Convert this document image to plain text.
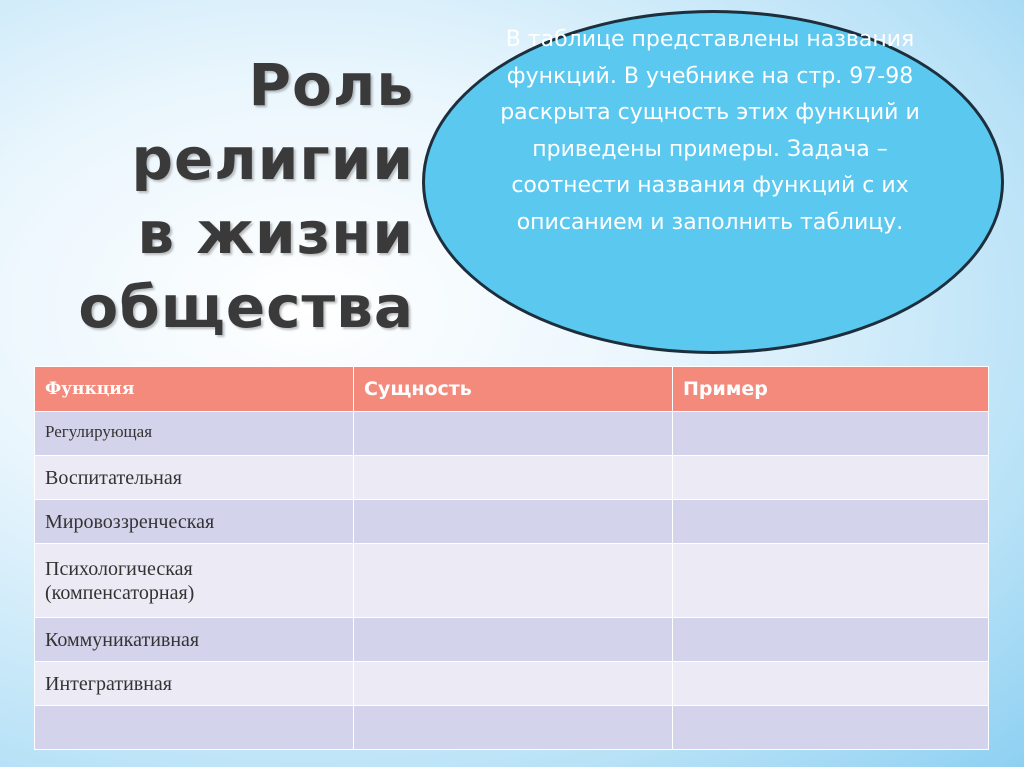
Роль религии
в жизни
общества
В таблице представлены названия функций. В учебнике на стр. 97-98 раскрыта сущность этих функций и приведены примеры. Задача – соотнести названия функций с их описанием и заполнить таблицу.
Функция	Сущность	Пример
Регулирующая		
Воспитательная		
Мировоззренческая		
Психологическая (компенсаторная)		
Коммуникативная		
Интегративная		
